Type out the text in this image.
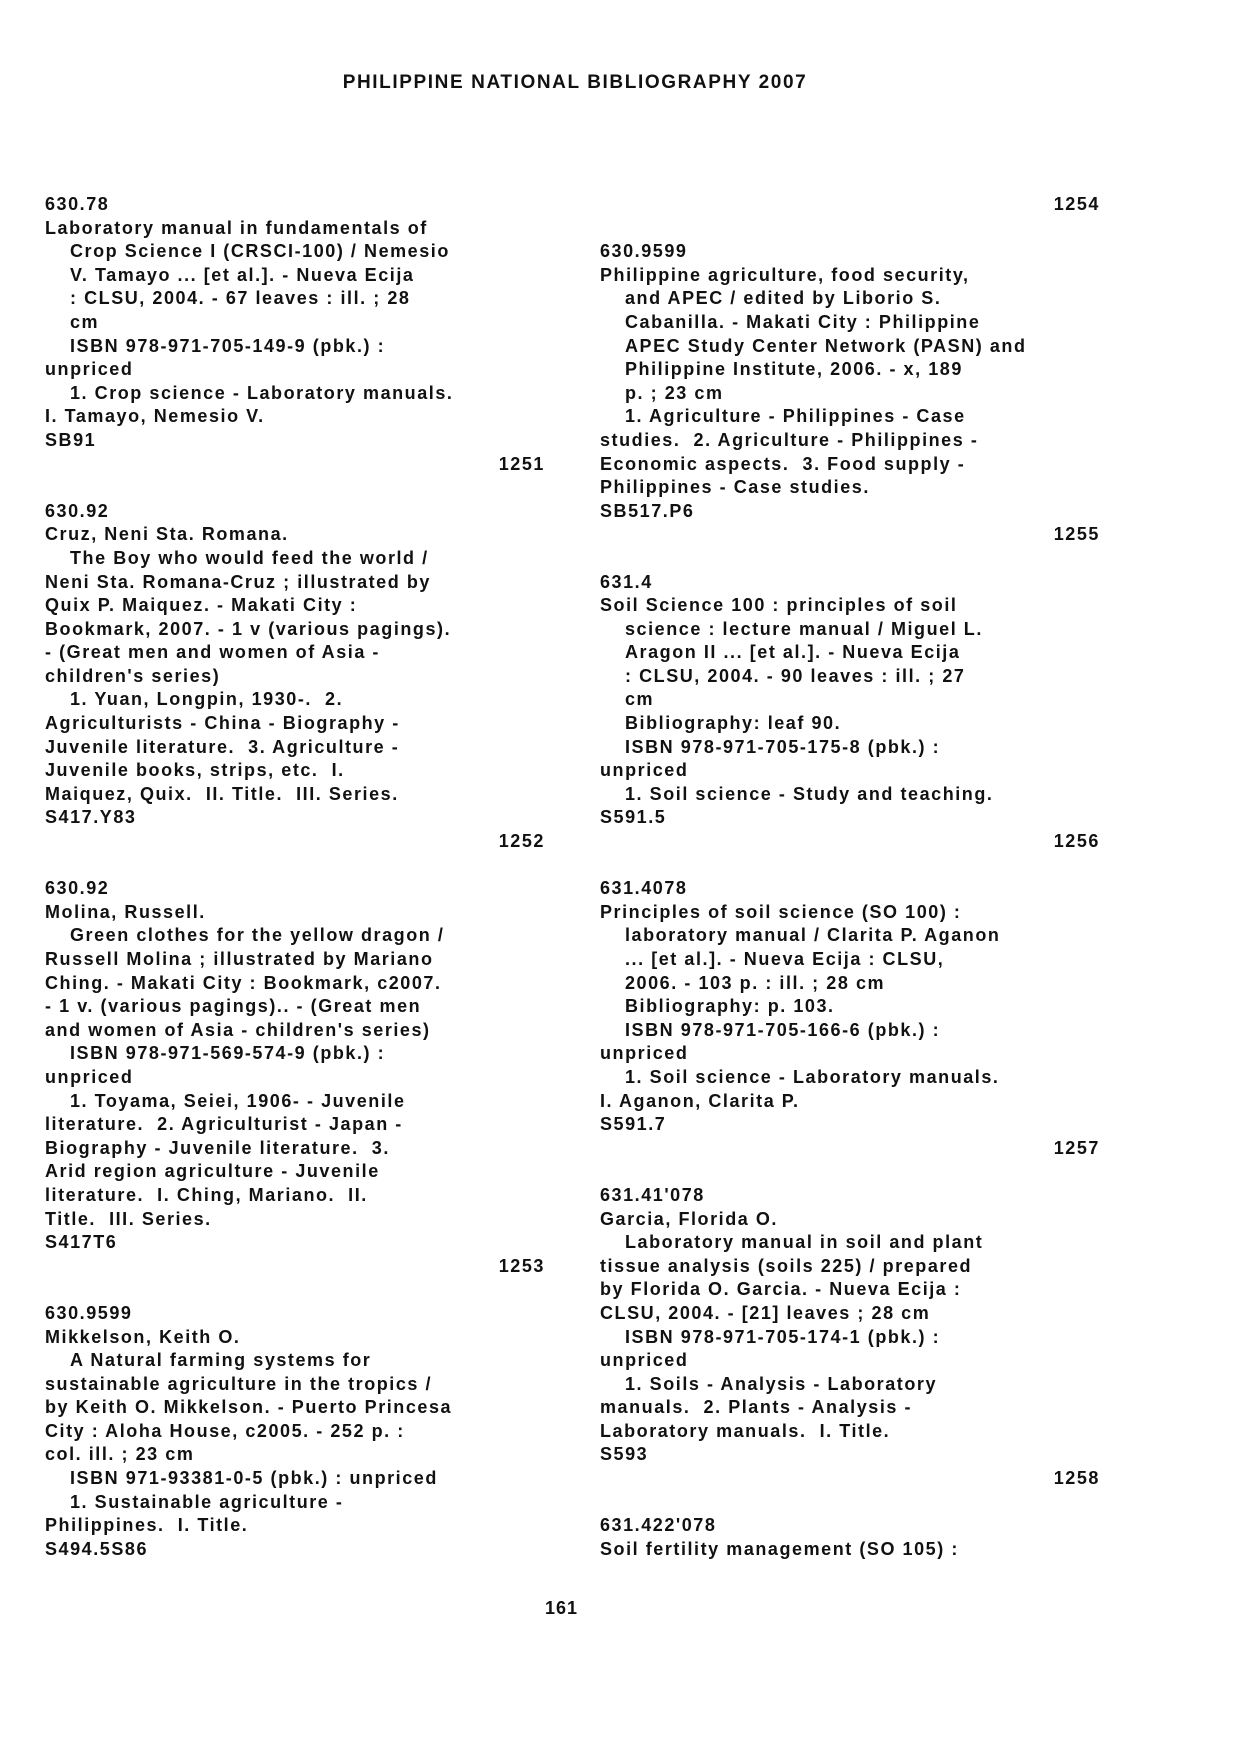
PHILIPPINE NATIONAL BIBLIOGRAPHY 2007
630.78
Laboratory manual in fundamentals of
Crop Science I (CRSCI-100) / Nemesio
V. Tamayo ... [et al.]. - Nueva Ecija
: CLSU, 2004. - 67 leaves : ill. ; 28
cm
ISBN 978-971-705-149-9 (pbk.) :
unpriced
1. Crop science - Laboratory manuals.
I. Tamayo, Nemesio V.
SB91
1251
630.92
Cruz, Neni Sta. Romana.
The Boy who would feed the world /
Neni Sta. Romana-Cruz ; illustrated by
Quix P. Maiquez. - Makati City :
Bookmark, 2007. - 1 v (various pagings).
- (Great men and women of Asia -
children's series)
1. Yuan, Longpin, 1930-.  2.
Agriculturists - China - Biography -
Juvenile literature.  3. Agriculture -
Juvenile books, strips, etc.  I.
Maiquez, Quix.  II. Title.  III. Series.
S417.Y83
1252
630.92
Molina, Russell.
Green clothes for the yellow dragon /
Russell Molina ; illustrated by Mariano
Ching. - Makati City : Bookmark, c2007.
- 1 v. (various pagings).. - (Great men
and women of Asia - children's series)
ISBN 978-971-569-574-9 (pbk.) :
unpriced
1. Toyama, Seiei, 1906- - Juvenile
literature.  2. Agriculturist - Japan -
Biography - Juvenile literature.  3.
Arid region agriculture - Juvenile
literature.  I. Ching, Mariano.  II.
Title.  III. Series.
S417T6
1253
630.9599
Mikkelson, Keith O.
A Natural farming systems for
sustainable agriculture in the tropics /
by Keith O. Mikkelson. - Puerto Princesa
City : Aloha House, c2005. - 252 p. :
col. ill. ; 23 cm
ISBN 971-93381-0-5 (pbk.) : unpriced
1. Sustainable agriculture -
Philippines.  I. Title.
S494.5S86
1254
630.9599
Philippine agriculture, food security,
and APEC / edited by Liborio S.
Cabanilla. - Makati City : Philippine
APEC Study Center Network (PASN) and
Philippine Institute, 2006. - x, 189
p. ; 23 cm
1. Agriculture - Philippines - Case
studies.  2. Agriculture - Philippines -
Economic aspects.  3. Food supply -
Philippines - Case studies.
SB517.P6
1255
631.4
Soil Science 100 : principles of soil
science : lecture manual / Miguel L.
Aragon II ... [et al.]. - Nueva Ecija
: CLSU, 2004. - 90 leaves : ill. ; 27
cm
Bibliography: leaf 90.
ISBN 978-971-705-175-8 (pbk.) :
unpriced
1. Soil science - Study and teaching.
S591.5
1256
631.4078
Principles of soil science (SO 100) :
laboratory manual / Clarita P. Aganon
... [et al.]. - Nueva Ecija : CLSU,
2006. - 103 p. : ill. ; 28 cm
Bibliography: p. 103.
ISBN 978-971-705-166-6 (pbk.) :
unpriced
1. Soil science - Laboratory manuals.
I. Aganon, Clarita P.
S591.7
1257
631.41'078
Garcia, Florida O.
Laboratory manual in soil and plant
tissue analysis (soils 225) / prepared
by Florida O. Garcia. - Nueva Ecija :
CLSU, 2004. - [21] leaves ; 28 cm
ISBN 978-971-705-174-1 (pbk.) :
unpriced
1. Soils - Analysis - Laboratory
manuals.  2. Plants - Analysis -
Laboratory manuals.  I. Title.
S593
1258
631.422'078
Soil fertility management (SO 105) :
161
